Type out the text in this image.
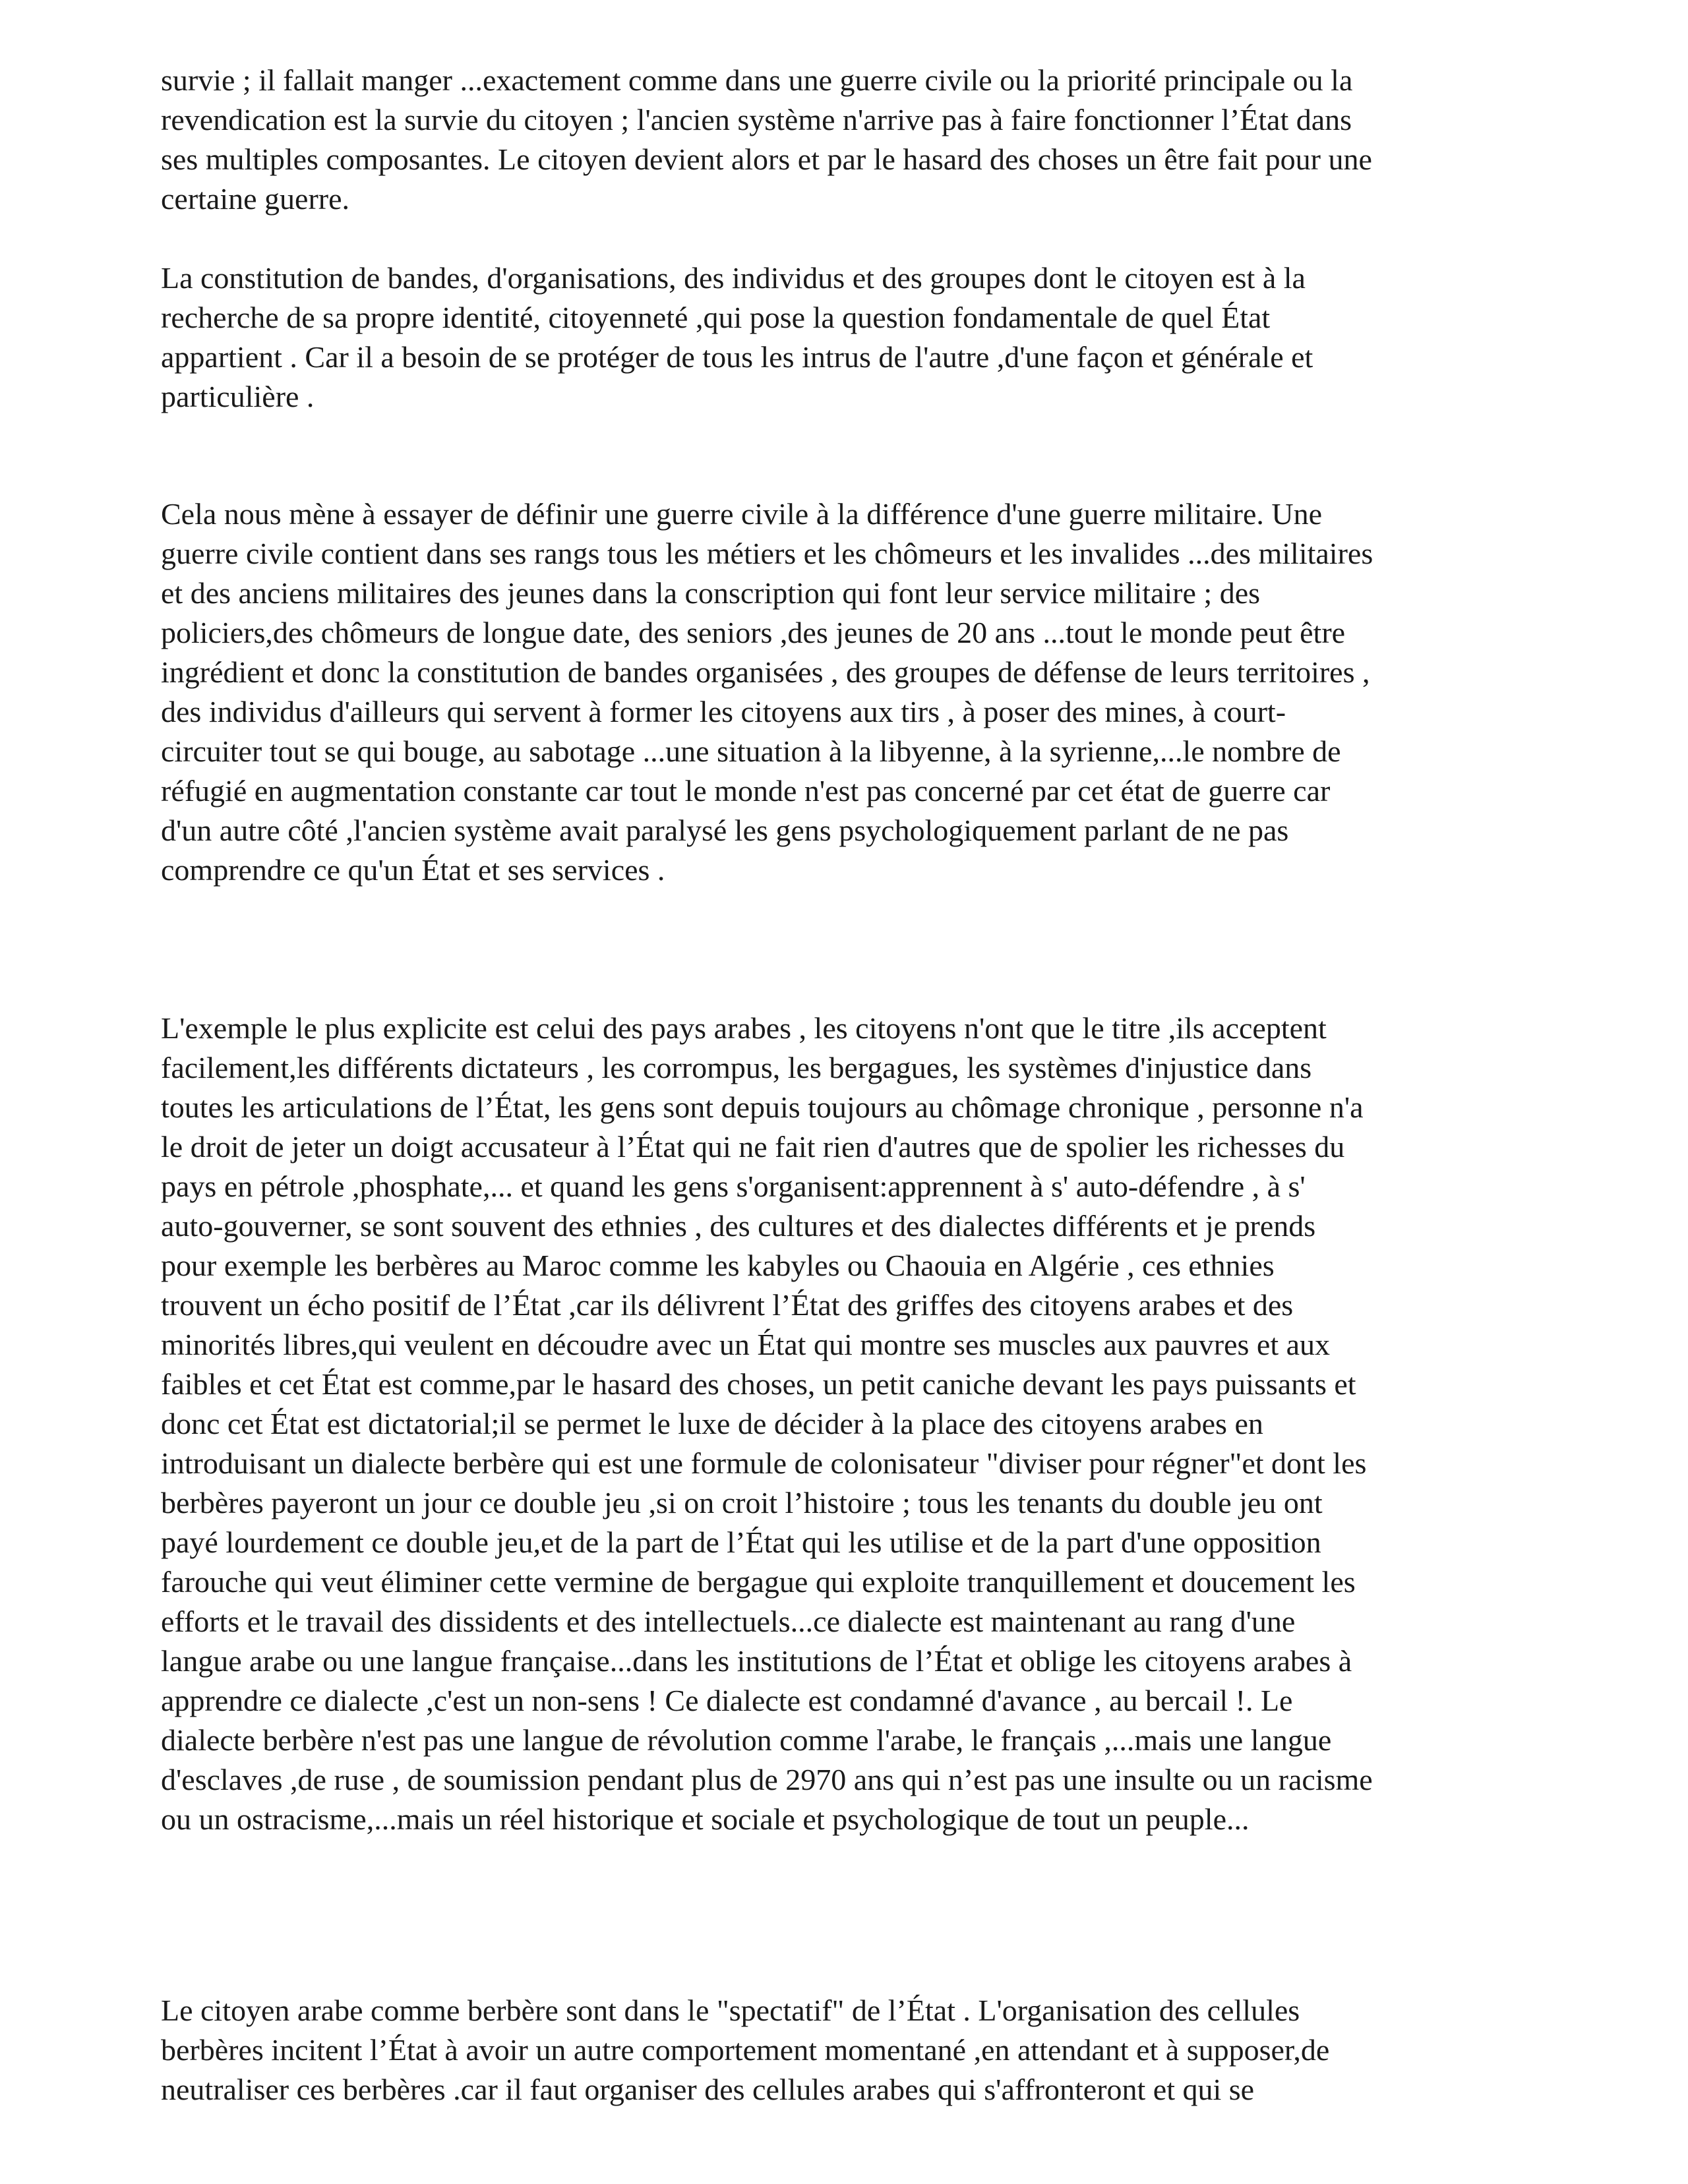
survie ; il fallait manger ...exactement comme dans une guerre civile ou la priorité principale ou la
revendication est la survie du citoyen ; l'ancien système n'arrive pas à faire fonctionner l’État dans
ses multiples composantes. Le citoyen devient alors et par le hasard des choses un être fait pour une
certaine guerre.
La constitution de bandes, d'organisations, des individus et des groupes dont le citoyen est à la
recherche de sa propre identité, citoyenneté ,qui pose la question fondamentale de quel État
appartient . Car il a besoin de se protéger de tous les intrus de l'autre ,d'une façon et générale et
particulière .
Cela nous mène à essayer de définir une guerre civile à la différence d'une guerre militaire. Une
guerre civile contient dans ses rangs tous les métiers et les chômeurs et les invalides ...des militaires
et des anciens militaires des jeunes dans la conscription qui font leur service militaire ; des
policiers,des chômeurs de longue date, des seniors ,des jeunes de 20 ans ...tout le monde peut être
ingrédient et donc la constitution de bandes organisées , des groupes de défense de leurs territoires ,
des individus d'ailleurs qui servent à former les citoyens aux tirs , à poser des mines, à court-
circuiter tout se qui bouge, au sabotage ...une situation à la libyenne, à la syrienne,...le nombre de
réfugié en augmentation constante car tout le monde n'est pas concerné par cet état de guerre car
d'un autre côté ,l'ancien système avait paralysé les gens psychologiquement parlant de ne pas
comprendre ce qu'un État et ses services .
L'exemple le plus explicite est celui des pays arabes , les citoyens n'ont que le titre ,ils acceptent
facilement,les différents dictateurs , les corrompus, les bergagues, les systèmes d'injustice dans
toutes les articulations de l’État, les gens sont depuis toujours au chômage chronique , personne n'a
le droit de jeter un doigt accusateur à l’État qui ne fait rien d'autres que de spolier les richesses du
pays en pétrole ,phosphate,... et quand les gens s'organisent:apprennent à s' auto-défendre , à s'
auto-gouverner, se sont souvent des ethnies , des cultures et des dialectes différents et je prends
pour exemple les berbères au Maroc comme les kabyles ou Chaouia en Algérie , ces ethnies
trouvent un écho positif de l’État ,car ils délivrent l’État des griffes des citoyens arabes et des
minorités libres,qui veulent en découdre avec un État qui montre ses muscles aux pauvres et aux
faibles et cet État est comme,par le hasard des choses, un petit caniche devant les pays puissants et
donc cet État est dictatorial;il se permet le luxe de décider à la place des citoyens arabes en
introduisant un dialecte berbère qui est une formule de colonisateur "diviser pour régner"et dont les
berbères payeront un jour ce double jeu ,si on croit l’histoire ; tous les tenants du double jeu ont
payé lourdement ce double jeu,et de la part de l’État qui les utilise et de la part d'une opposition
farouche qui veut éliminer cette vermine de bergague qui exploite tranquillement et doucement les
efforts et le travail des dissidents et des intellectuels...ce dialecte est maintenant au rang d'une
langue arabe ou une langue française...dans les institutions de l’État et oblige les citoyens arabes à
apprendre ce dialecte ,c'est un non-sens ! Ce dialecte est condamné d'avance , au bercail !. Le
dialecte berbère n'est pas une langue de révolution comme l'arabe, le français ,...mais une langue
d'esclaves ,de ruse , de soumission pendant plus de 2970 ans qui n’est pas une insulte ou un racisme
ou un ostracisme,...mais un réel historique et sociale et psychologique de tout un peuple...
Le citoyen arabe comme berbère sont dans le "spectatif" de l’État . L'organisation des cellules
berbères incitent l’État à avoir un autre comportement momentané ,en attendant et à supposer,de
neutraliser ces berbères .car il faut organiser des cellules arabes qui s'affronteront et qui se
